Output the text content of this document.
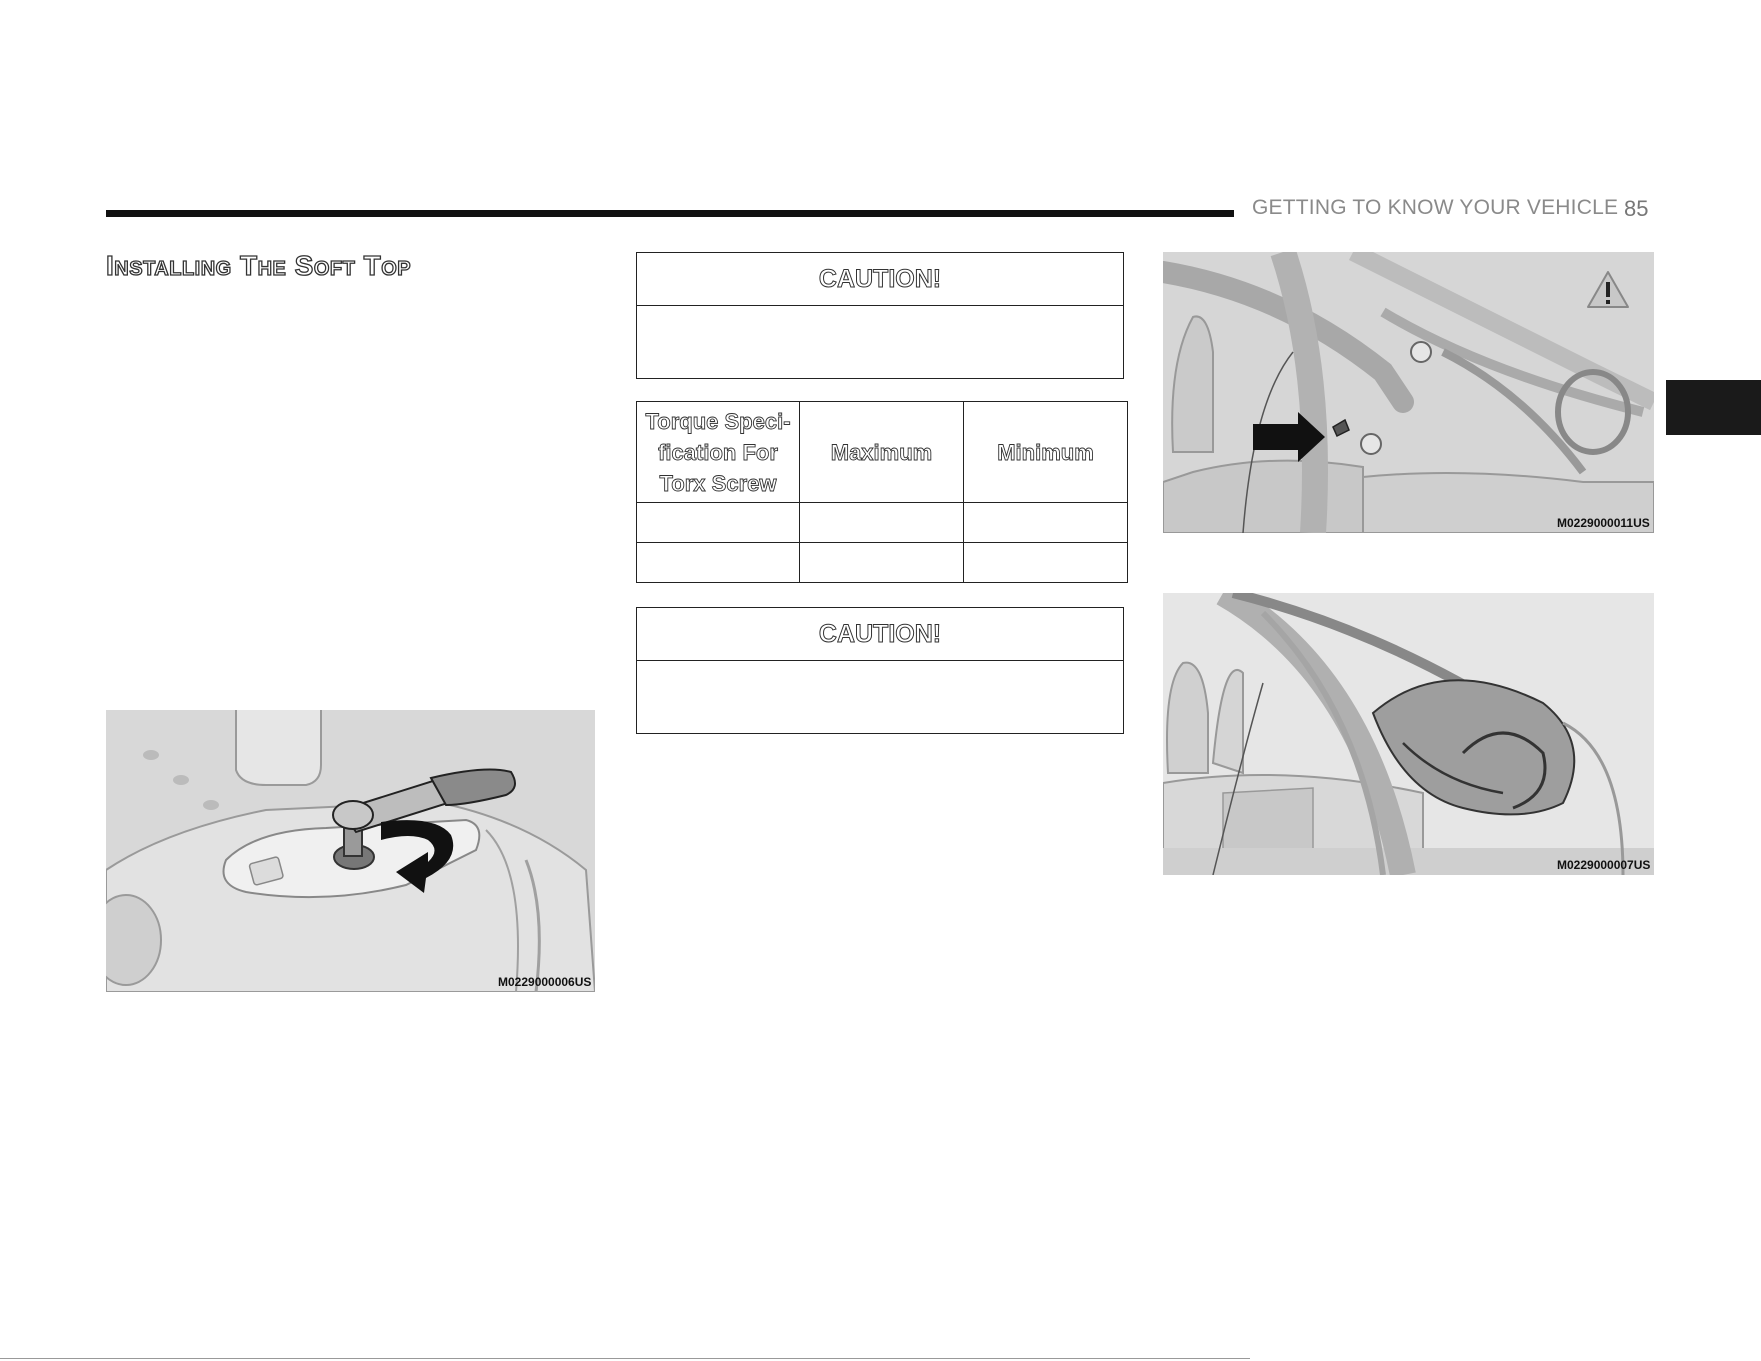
GETTING TO KNOW YOUR VEHICLE 85
Installing The Soft Top
M0229000006US
CAUTION!
Torque Speci-
fication For
Torx Screw	Maximum	Minimum

CAUTION!
M0229000011US
M0229000007US
